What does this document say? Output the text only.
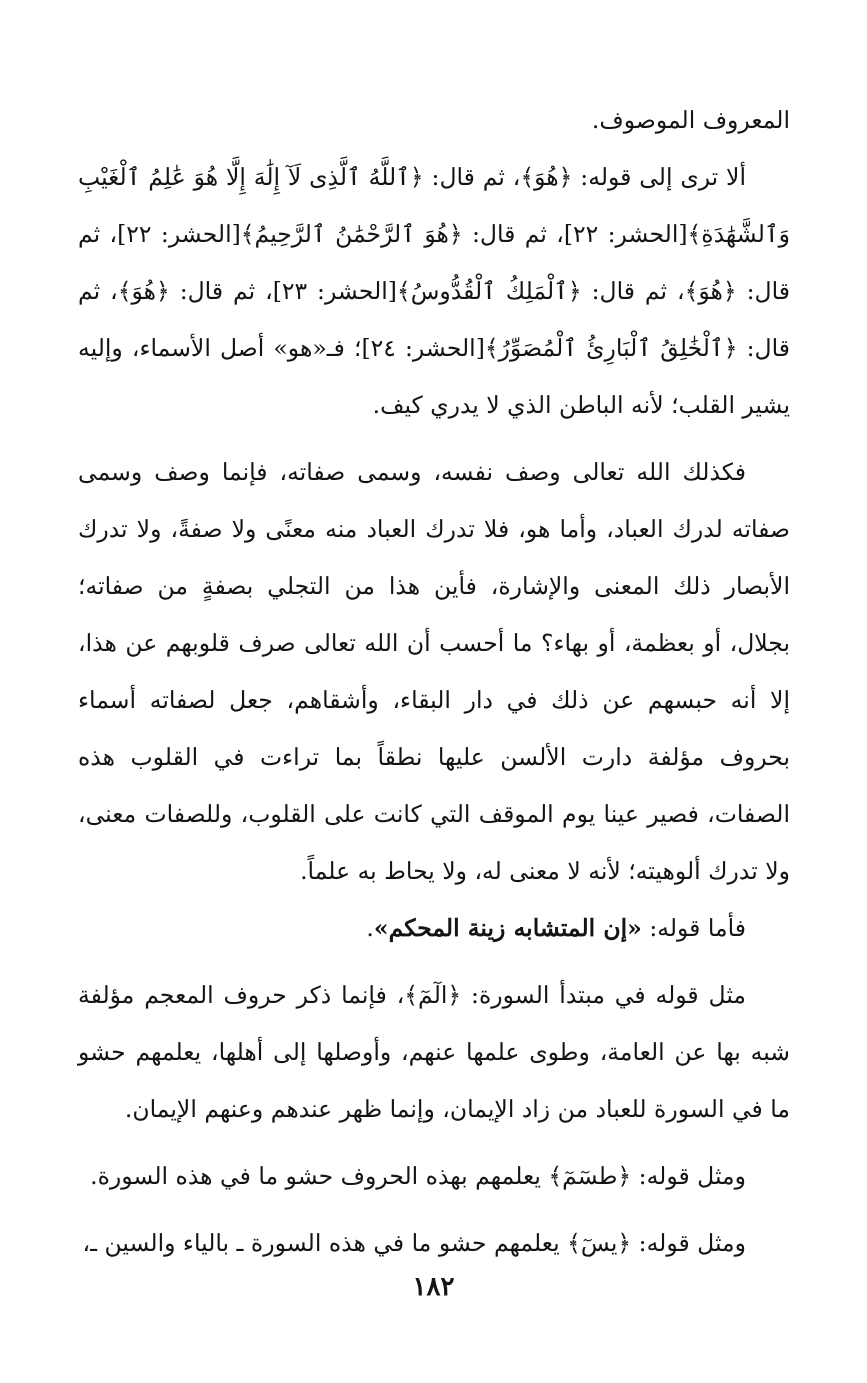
المعروف الموصوف.

ألا ترى إلى قوله: ﴿هُوَ﴾، ثم قال: ﴿ٱللَّهُ ٱلَّذِى لَآ إِلَٰهَ إِلَّا هُوَ عَٰلِمُ ٱلْغَيْبِ وَٱلشَّهَٰدَةِ﴾[الحشر: ٢٢]، ثم قال: ﴿هُوَ ٱلرَّحْمَٰنُ ٱلرَّحِيمُ﴾[الحشر: ٢٢]، ثم قال: ﴿هُوَ﴾، ثم قال: ﴿ٱلْمَلِكُ ٱلْقُدُّوسُ﴾[الحشر: ٢٣]، ثم قال: ﴿هُوَ﴾، ثم قال: ﴿ٱلْخَٰلِقُ ٱلْبَارِئُ ٱلْمُصَوِّرُ﴾[الحشر: ٢٤]؛ فـ«هو» أصل الأسماء، وإليه يشير القلب؛ لأنه الباطن الذي لا يدري كيف.

فكذلك الله تعالى وصف نفسه، وسمى صفاته، فإنما وصف وسمى صفاته لدرك العباد، وأما هو، فلا تدرك العباد منه معنًى ولا صفةً، ولا تدرك الأبصار ذلك المعنى والإشارة، فأين هذا من التجلي بصفةٍ من صفاته؛ بجلال، أو بعظمة، أو بهاء؟ ما أحسب أن الله تعالى صرف قلوبهم عن هذا، إلا أنه حبسهم عن ذلك في دار البقاء، وأشقاهم، جعل لصفاته أسماء بحروف مؤلفة دارت الألسن عليها نطقاً بما تراءت في القلوب هذه الصفات، فصير عينا يوم الموقف التي كانت على القلوب، وللصفات معنى، ولا تدرك ألوهيته؛ لأنه لا معنى له، ولا يحاط به علماً.

فأما قوله: «إن المتشابه زينة المحكم».

مثل قوله في مبتدأ السورة: ﴿الٓمٓ﴾، فإنما ذكر حروف المعجم مؤلفة شبه بها عن العامة، وطوى علمها عنهم، وأوصلها إلى أهلها، يعلمهم حشو ما في السورة للعباد من زاد الإيمان، وإنما ظهر عندهم وعنهم الإيمان.

ومثل قوله: ﴿طسٓمٓ﴾ يعلمهم بهذه الحروف حشو ما في هذه السورة.

ومثل قوله: ﴿يسٓ﴾ يعلمهم حشو ما في هذه السورة ـ بالياء والسين ـ،

١٨٢
